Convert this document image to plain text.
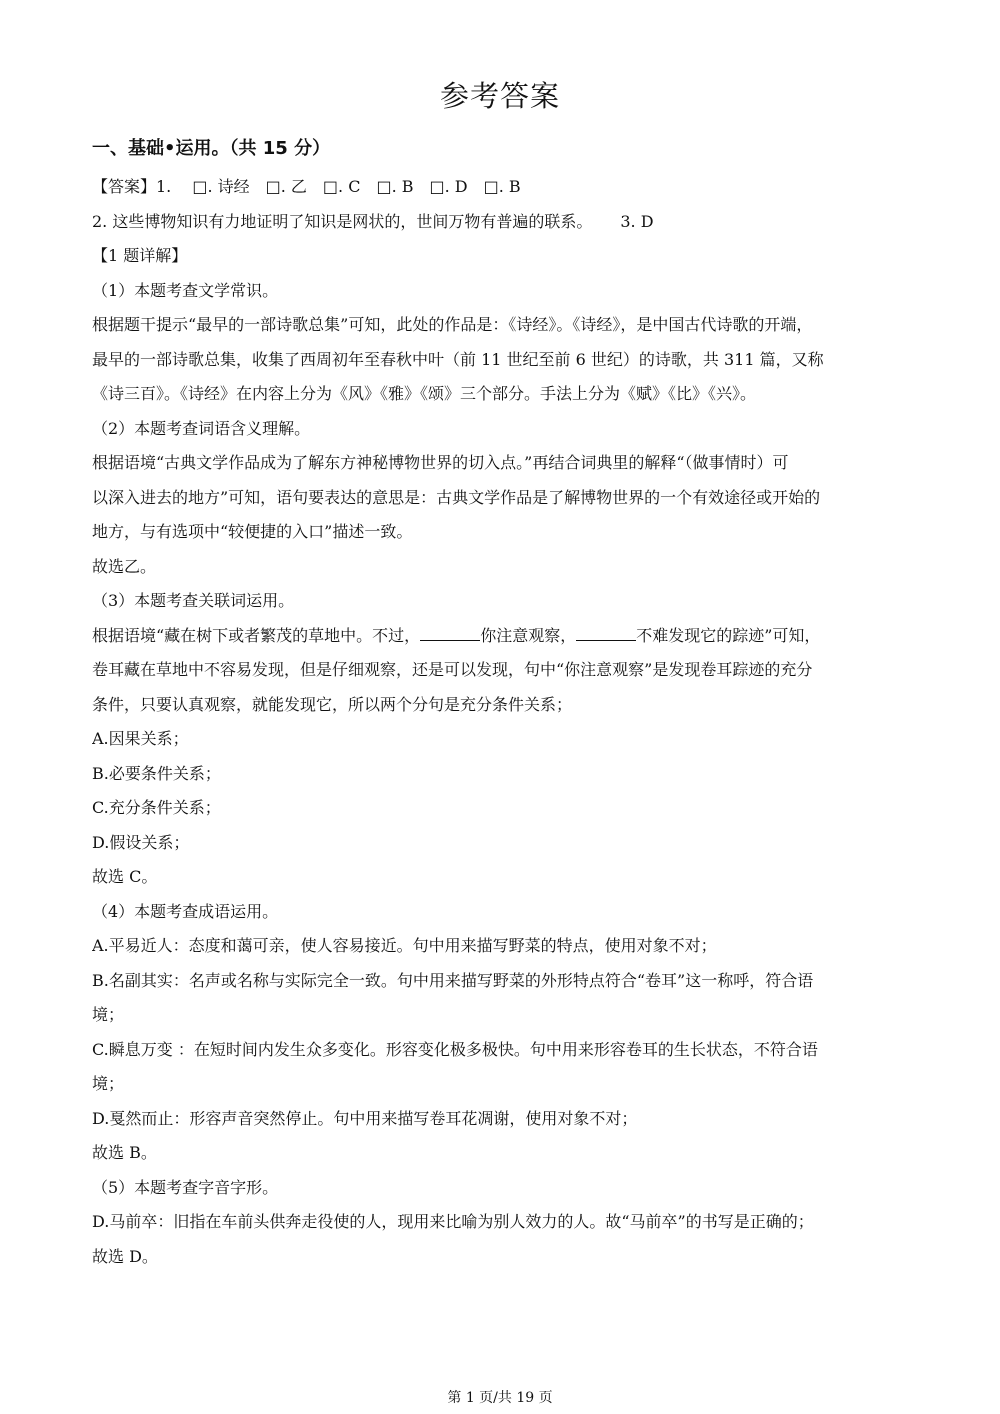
参考答案
一、基础•运用。（共 15 分）
【答案】1.　 □. 诗经　□. 乙　□. C　□. B　□. D　□. B
2. 这些博物知识有力地证明了知识是网状的，世间万物有普遍的联系。 3. D
【1 题详解】
（1）本题考查文学常识。
根据题干提示“最早的一部诗歌总集”可知，此处的作品是：《诗经》。《诗经》，是中国古代诗歌的开端，
最早的一部诗歌总集，收集了西周初年至春秋中叶（前 11 世纪至前 6 世纪）的诗歌，共 311 篇，又称
《诗三百》。《诗经》在内容上分为《风》《雅》《颂》三个部分。手法上分为《赋》《比》《兴》。
（2）本题考查词语含义理解。
根据语境“古典文学作品成为了解东方神秘博物世界的切入点。”再结合词典里的解释“（做事情时）可
以深入进去的地方”可知，语句要表达的意思是：古典文学作品是了解博物世界的一个有效途径或开始的
地方，与有选项中“较便捷的入口”描述一致。
故选乙。
（3）本题考查关联词运用。
根据语境“藏在树下或者繁茂的草地中。不过，	你注意观察，	不难发现它的踪迹”可知，
卷耳藏在草地中不容易发现，但是仔细观察，还是可以发现，句中“你注意观察”是发现卷耳踪迹的充分
条件，只要认真观察，就能发现它，所以两个分句是充分条件关系；
A.因果关系；
B.必要条件关系；
C.充分条件关系；
D.假设关系；
故选 C。
（4）本题考查成语运用。
A.平易近人：态度和蔼可亲，使人容易接近。句中用来描写野菜的特点，使用对象不对；
B.名副其实：名声或名称与实际完全一致。句中用来描写野菜的外形特点符合“卷耳”这一称呼，符合语
境；
C.瞬息万变 ：在短时间内发生众多变化。形容变化极多极快。句中用来形容卷耳的生长状态，不符合语
境；
D.戛然而止：形容声音突然停止。句中用来描写卷耳花凋谢，使用对象不对；
故选 B。
（5）本题考查字音字形。
D.马前卒：旧指在车前头供奔走役使的人，现用来比喻为别人效力的人。故“马前卒”的书写是正确的；
故选 D。
第 1 页/共 19 页
